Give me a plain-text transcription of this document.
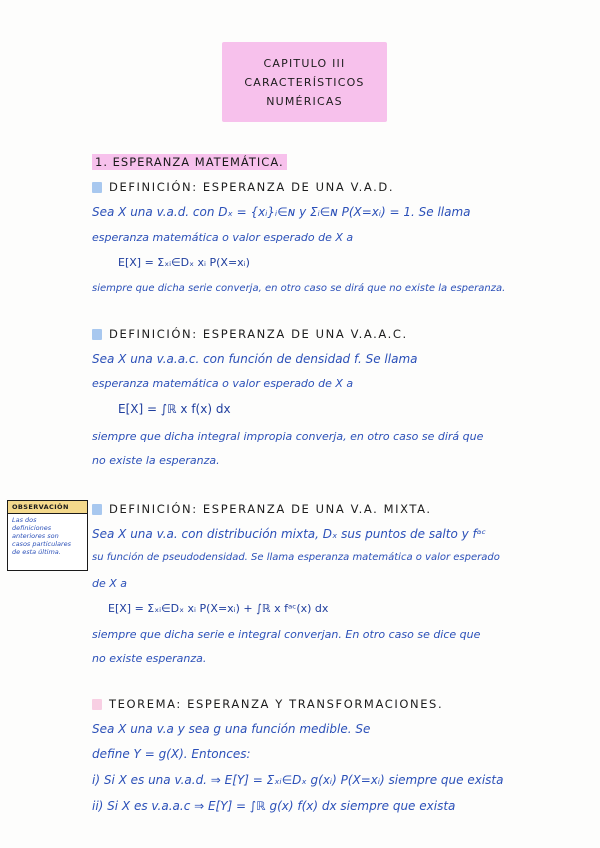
CAPITULO III
CARACTERÍSTICOS
NUMÉRICAS
1. ESPERANZA MATEMÁTICA.
DEFINICIÓN: ESPERANZA DE UNA V.A.D.
Sea X una v.a.d. con Dₓ = {xᵢ}ᵢ∈ɴ y Σᵢ∈ɴ P(X=xᵢ) = 1. Se llama
esperanza matemática o valor esperado de X a
E[X] = Σₓᵢ∈Dₓ xᵢ P(X=xᵢ)
siempre que dicha serie converja, en otro caso se dirá que no existe la esperanza.
DEFINICIÓN: ESPERANZA DE UNA V.A.A.C.
Sea X una v.a.a.c. con función de densidad f. Se llama
esperanza matemática o valor esperado de X a
E[X] = ∫ℝ x f(x) dx
siempre que dicha integral impropia converja, en otro caso se dirá que
no existe la esperanza.
OBSERVACIÓN
Las dos
definiciones
anteriores son
casos particulares
de esta última.
DEFINICIÓN: ESPERANZA DE UNA V.A. MIXTA.
Sea X una v.a. con distribución mixta, Dₓ sus puntos de salto y fᵃᶜ
su función de pseudodensidad. Se llama esperanza matemática o valor esperado
de X a
E[X] = Σₓᵢ∈Dₓ xᵢ P(X=xᵢ) + ∫ℝ x fᵃᶜ(x) dx
siempre que dicha serie e integral converjan. En otro caso se dice que
no existe esperanza.
TEOREMA: ESPERANZA Y TRANSFORMACIONES.
Sea X una v.a y sea g una función medible. Se
define Y = g(X). Entonces:
i) Si X es una v.a.d. ⇒ E[Y] = Σₓᵢ∈Dₓ g(xᵢ) P(X=xᵢ) siempre que exista
ii) Si X es v.a.a.c ⇒ E[Y] = ∫ℝ g(x) f(x) dx siempre que exista
